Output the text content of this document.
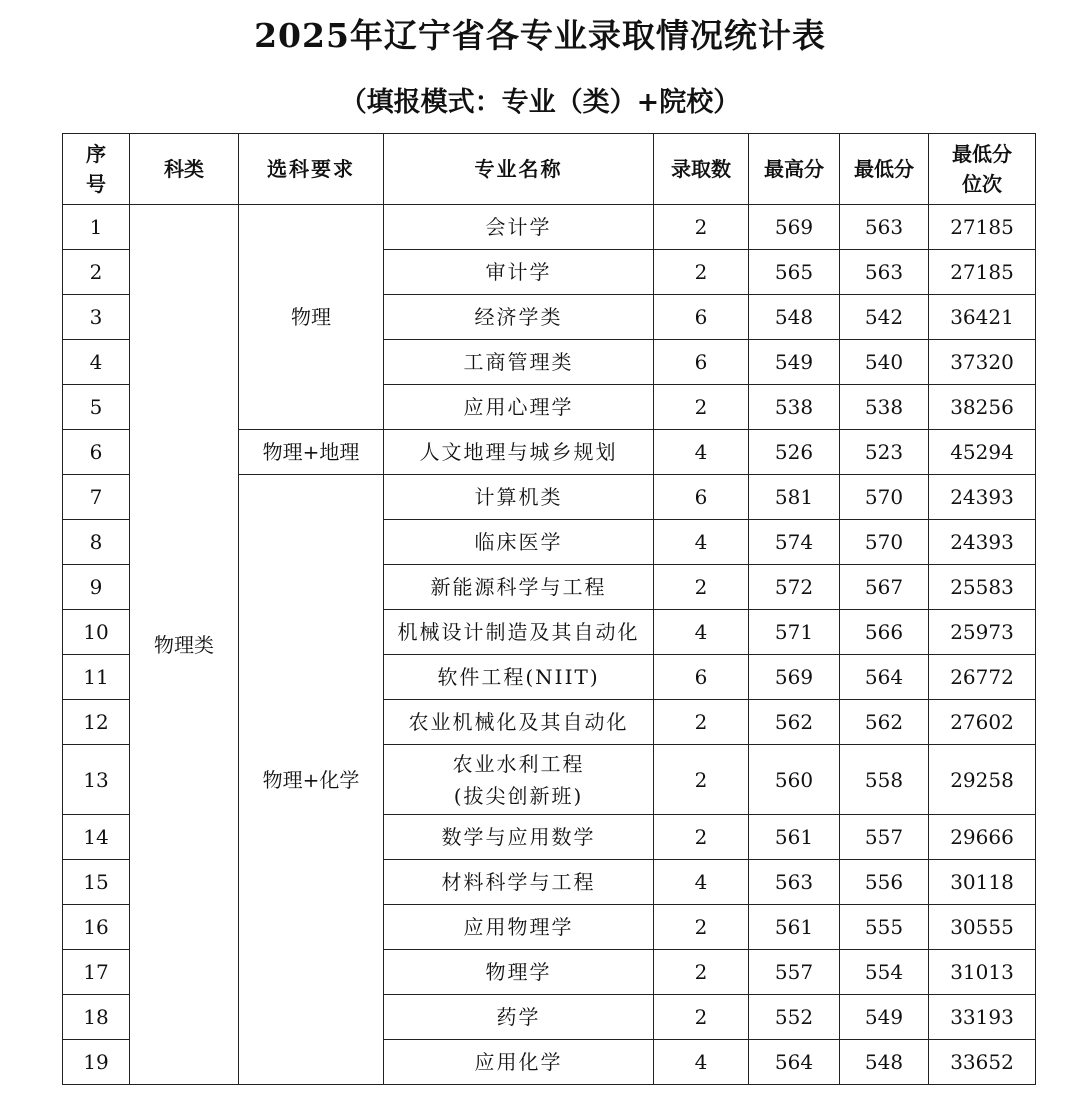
2025年辽宁省各专业录取情况统计表
（填报模式：专业（类）+院校）
序
号	科类	选科要求	专业名称	录取数	最高分	最低分	最低分
位次
1	物理类	物理	会计学	2	569	563	27185
2			审计学	2	565	563	27185
3			经济学类	6	548	542	36421
4			工商管理类	6	549	540	37320
5			应用心理学	2	538	538	38256
6		物理+地理	人文地理与城乡规划	4	526	523	45294
7		物理+化学	计算机类	6	581	570	24393
8			临床医学	4	574	570	24393
9			新能源科学与工程	2	572	567	25583
10			机械设计制造及其自动化	4	571	566	25973
11			软件工程(NIIT)	6	569	564	26772
12			农业机械化及其自动化	2	562	562	27602
13			农业水利工程
(拔尖创新班)	2	560	558	29258
14			数学与应用数学	2	561	557	29666
15			材料科学与工程	4	563	556	30118
16			应用物理学	2	561	555	30555
17			物理学	2	557	554	31013
18			药学	2	552	549	33193
19			应用化学	4	564	548	33652
